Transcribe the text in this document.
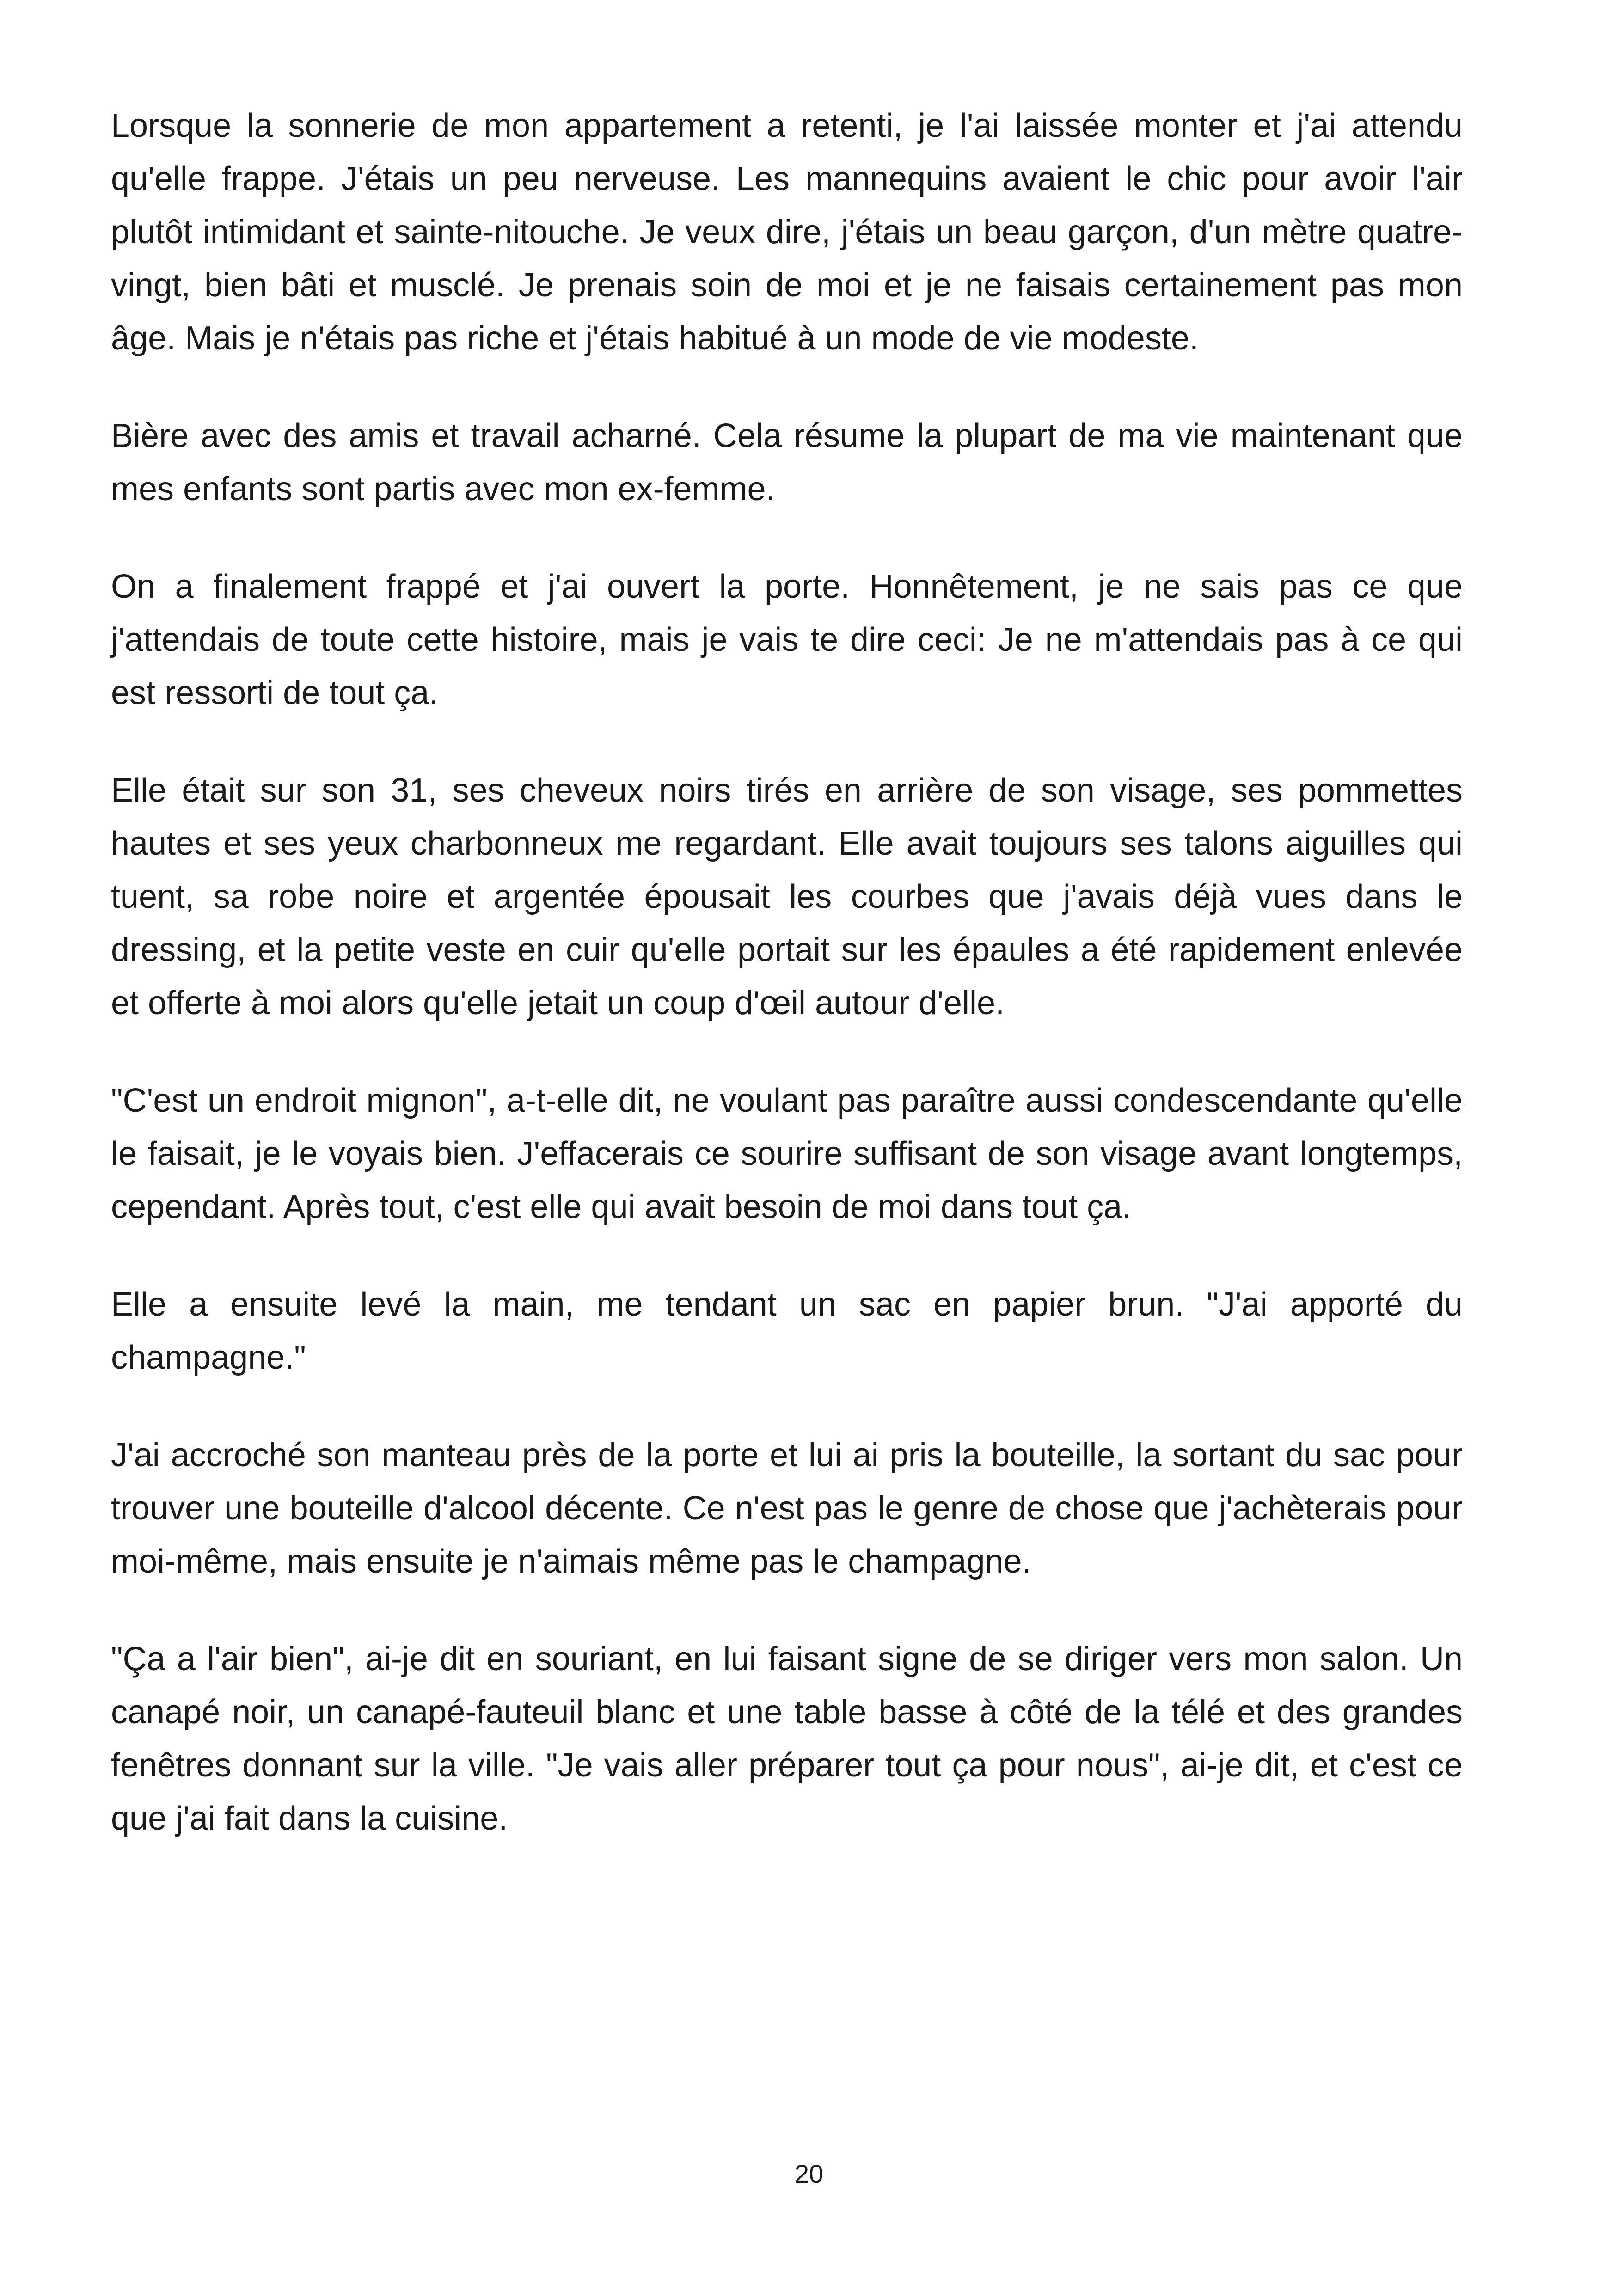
Lorsque la sonnerie de mon appartement a retenti, je l'ai laissée monter et j'ai attendu qu'elle frappe. J'étais un peu nerveuse. Les mannequins avaient le chic pour avoir l'air plutôt intimidant et sainte-nitouche. Je veux dire, j'étais un beau garçon, d'un mètre quatre-vingt, bien bâti et musclé. Je prenais soin de moi et je ne faisais certainement pas mon âge. Mais je n'étais pas riche et j'étais habitué à un mode de vie modeste.

Bière avec des amis et travail acharné. Cela résume la plupart de ma vie maintenant que mes enfants sont partis avec mon ex-femme.

On a finalement frappé et j'ai ouvert la porte. Honnêtement, je ne sais pas ce que j'attendais de toute cette histoire, mais je vais te dire ceci: Je ne m'attendais pas à ce qui est ressorti de tout ça.

Elle était sur son 31, ses cheveux noirs tirés en arrière de son visage, ses pommettes hautes et ses yeux charbonneux me regardant. Elle avait toujours ses talons aiguilles qui tuent, sa robe noire et argentée épousait les courbes que j'avais déjà vues dans le dressing, et la petite veste en cuir qu'elle portait sur les épaules a été rapidement enlevée et offerte à moi alors qu'elle jetait un coup d'œil autour d'elle.

"C'est un endroit mignon", a-t-elle dit, ne voulant pas paraître aussi condescendante qu'elle le faisait, je le voyais bien. J'effacerais ce sourire suffisant de son visage avant longtemps, cependant. Après tout, c'est elle qui avait besoin de moi dans tout ça.

Elle a ensuite levé la main, me tendant un sac en papier brun. "J'ai apporté du champagne."

J'ai accroché son manteau près de la porte et lui ai pris la bouteille, la sortant du sac pour trouver une bouteille d'alcool décente. Ce n'est pas le genre de chose que j'achèterais pour moi-même, mais ensuite je n'aimais même pas le champagne.

"Ça a l'air bien", ai-je dit en souriant, en lui faisant signe de se diriger vers mon salon. Un canapé noir, un canapé-fauteuil blanc et une table basse à côté de la télé et des grandes fenêtres donnant sur la ville. "Je vais aller préparer tout ça pour nous", ai-je dit, et c'est ce que j'ai fait dans la cuisine.

20
